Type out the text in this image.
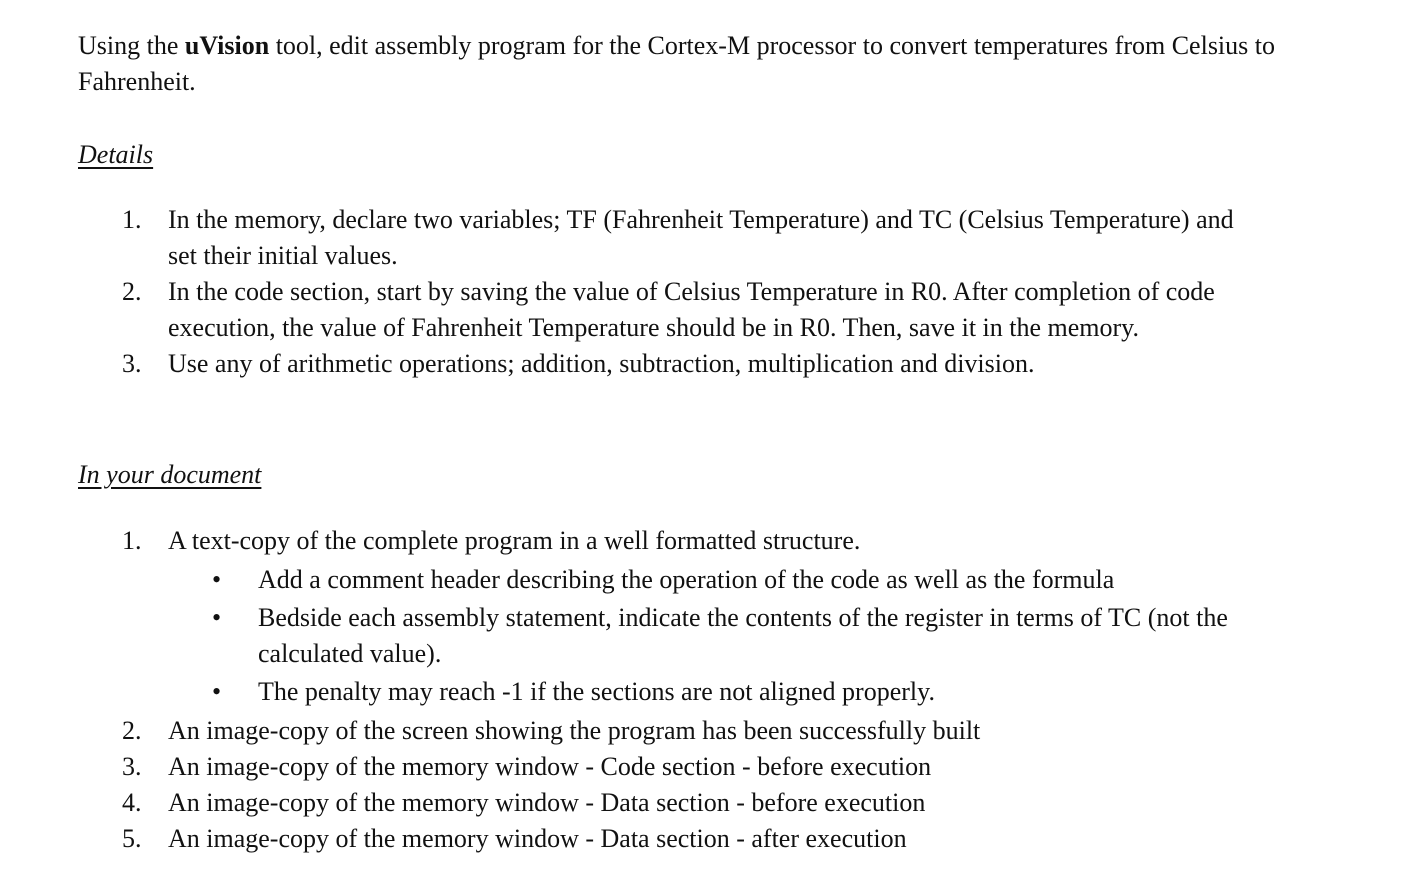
Using the uVision tool, edit assembly program for the Cortex-M processor to convert temperatures from Celsius to Fahrenheit.

Details

1. In the memory, declare two variables; TF (Fahrenheit Temperature) and TC (Celsius Temperature) and set their initial values.
2. In the code section, start by saving the value of Celsius Temperature in R0. After completion of code execution, the value of Fahrenheit Temperature should be in R0. Then, save it in the memory.
3. Use any of arithmetic operations; addition, subtraction, multiplication and division.

In your document

1. A text-copy of the complete program in a well formatted structure.
• Add a comment header describing the operation of the code as well as the formula
• Bedside each assembly statement, indicate the contents of the register in terms of TC (not the calculated value).
• The penalty may reach -1 if the sections are not aligned properly.
2. An image-copy of the screen showing the program has been successfully built
3. An image-copy of the memory window - Code section - before execution
4. An image-copy of the memory window - Data section - before execution
5. An image-copy of the memory window - Data section - after execution
